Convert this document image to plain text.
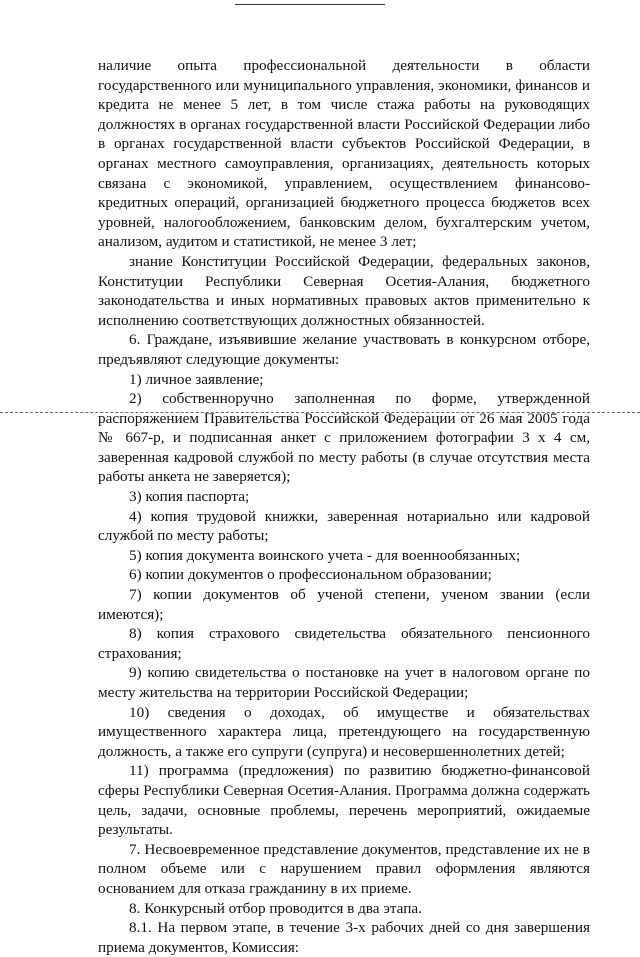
наличие опыта профессиональной деятельности в области государственного или муниципального управления, экономики, финансов и кредита не менее 5 лет, в том числе стажа работы на руководящих должностях в органах государственной власти Российской Федерации либо в органах государственной власти субъектов Российской Федерации, в органах местного самоуправления, организациях, деятельность которых связана с экономикой, управлением, осуществлением финансово-кредитных операций, организацией бюджетного процесса бюджетов всех уровней, налогообложением, банковским делом, бухгалтерским учетом, анализом, аудитом и статистикой, не менее 3 лет;

знание Конституции Российской Федерации, федеральных законов, Конституции Республики Северная Осетия-Алания, бюджетного законодательства и иных нормативных правовых актов применительно к исполнению соответствующих должностных обязанностей.

6. Граждане, изъявившие желание участвовать в конкурсном отборе, предъявляют следующие документы:

1) личное заявление;

2) собственноручно заполненная по форме, утвержденной распоряжением Правительства Российской Федерации от 26 мая 2005 года № 667-р, и подписанная анкет с приложением фотографии 3 х 4 см, заверенная кадровой службой по месту работы (в случае отсутствия места работы анкета не заверяется);

3) копия паспорта;

4) копия трудовой книжки, заверенная нотариально или кадровой службой по месту работы;

5) копия документа воинского учета - для военнообязанных;

6) копии документов о профессиональном образовании;

7) копии документов об ученой степени, ученом звании (если имеются);

8) копия страхового свидетельства обязательного пенсионного страхования;

9) копию свидетельства о постановке на учет в налоговом органе по месту жительства на территории Российской Федерации;

10) сведения о доходах, об имуществе и обязательствах имущественного характера лица, претендующего на государственную должность, а также его супруги (супруга) и несовершеннолетних детей;

11) программа (предложения) по развитию бюджетно-финансовой сферы Республики Северная Осетия-Алания. Программа должна содержать цель, задачи, основные проблемы, перечень мероприятий, ожидаемые результаты.

7. Несвоевременное представление документов, представление их не в полном объеме или с нарушением правил оформления являются основанием для отказа гражданину в их приеме.

8. Конкурсный отбор проводится в два этапа.

8.1. На первом этапе, в течение 3-х рабочих дней со дня завершения приема документов, Комиссия:
